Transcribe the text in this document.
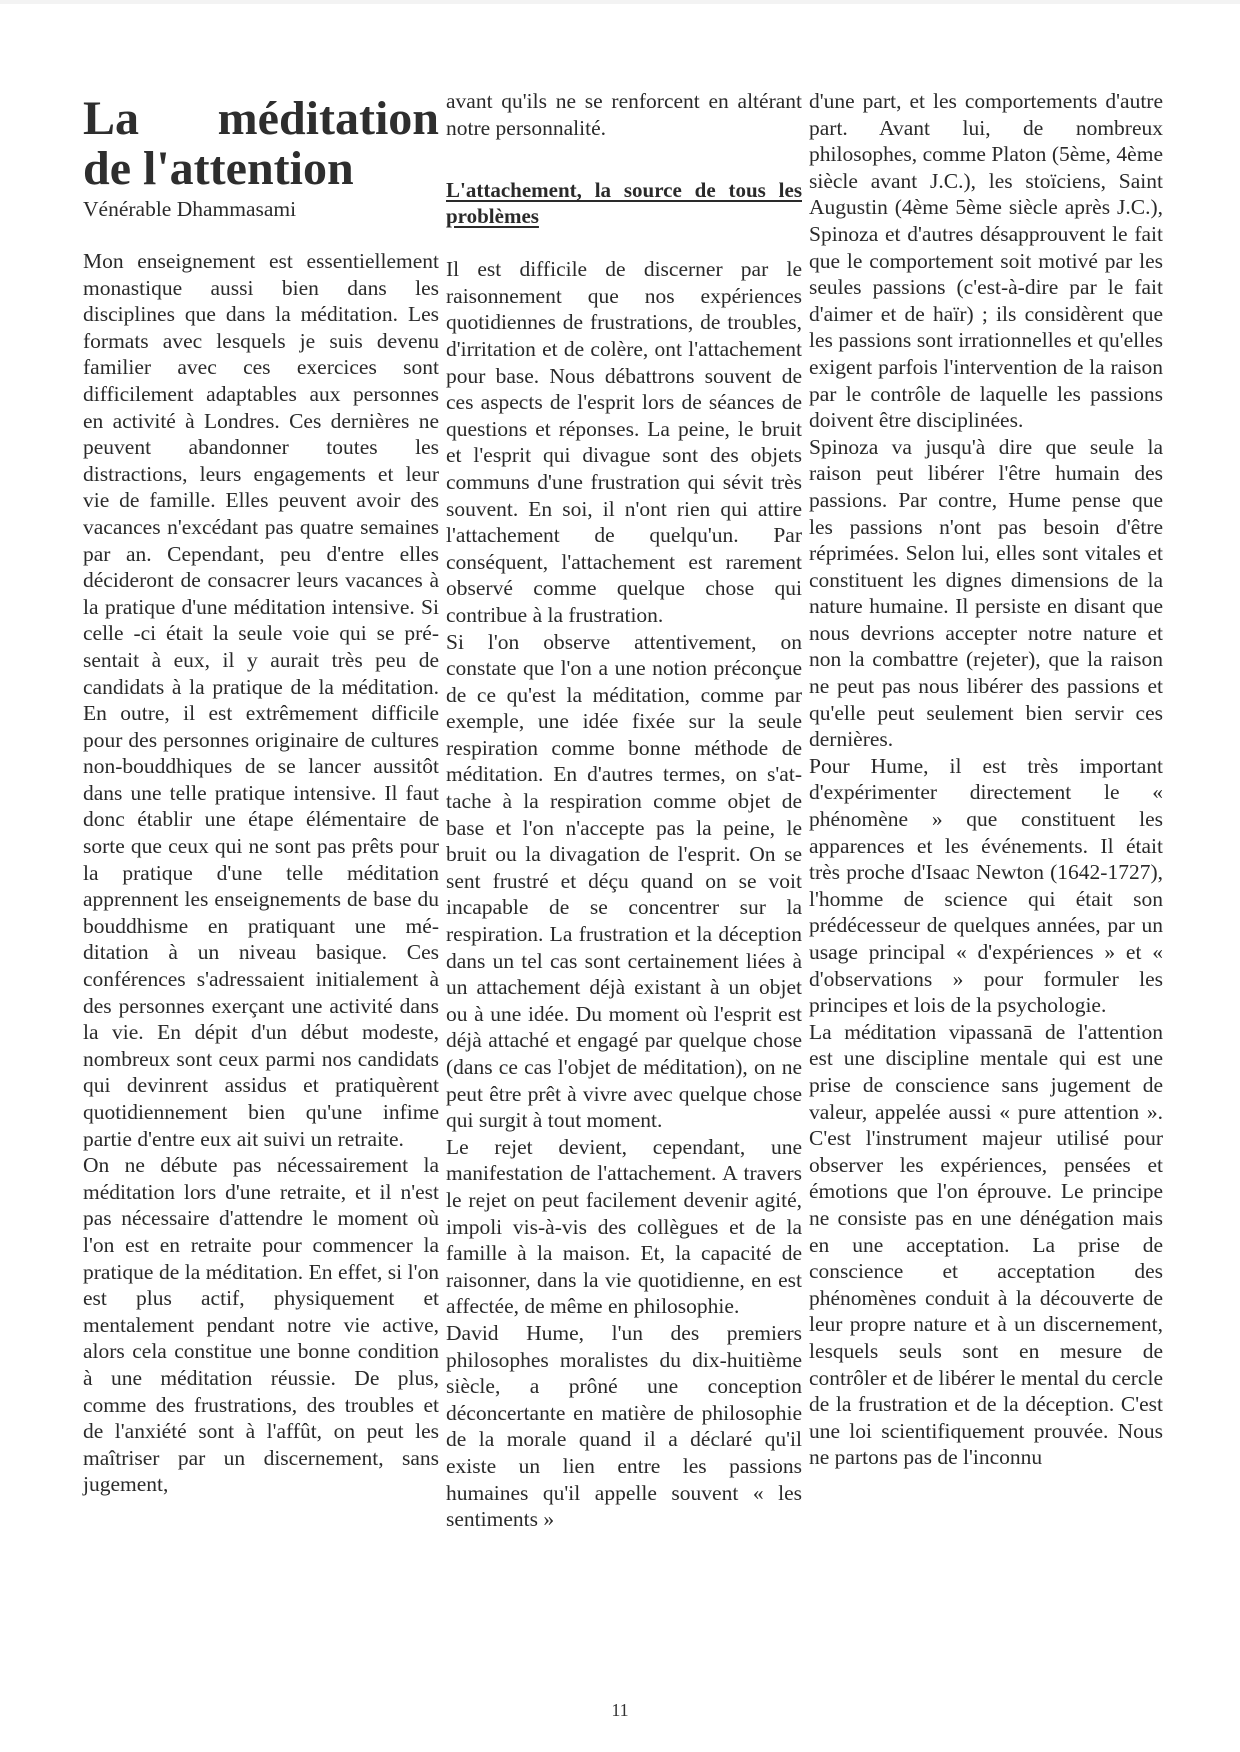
La méditation
de l'attention
Vénérable Dhammasami

Mon enseignement est essentiellement monastique aussi bien dans les disciplines que dans la méditation. Les formats avec lesquels je suis devenu familier avec ces exercices sont difficilement adaptables aux personnes en activité à Londres. Ces dernières ne peuvent abandonner toutes les distractions, leurs engagements et leur vie de famille. Elles peuvent avoir des vacances n'excédant pas quatre semaines par an. Cependant, peu d'entre elles décideront de consacrer leurs vacances à la pratique d'une méditation intensive. Si celle -ci était la seule voie qui se présentait à eux, il y aurait très peu de candidats à la pratique de la méditation. En outre, il est extrêmement difficile pour des personnes originaire de cultures non-bouddhiques de se lancer aussitôt dans une telle pratique intensive. Il faut donc établir une étape élémentaire de sorte que ceux qui ne sont pas prêts pour la pratique d'une telle méditation apprennent les enseignements de base du bouddhisme en pratiquant une méditation à un niveau basique. Ces conférences s'adressaient initialement à des personnes exerçant une activité dans la vie. En dépit d'un début modeste, nombreux sont ceux parmi nos candidats qui devinrent assidus et pratiquèrent quotidiennement bien qu'une infime partie d'entre eux ait suivi un retraite.

On ne débute pas nécessairement la méditation lors d'une retraite, et il n'est pas nécessaire d'attendre le moment où l'on est en retraite pour commencer la pratique de la méditation. En effet, si l'on est plus actif, physiquement et mentalement pendant notre vie active, alors cela constitue une bonne condition à une méditation réussie. De plus, comme des frustrations, des troubles et de l'anxiété sont à l'affût, on peut les maîtriser par un discernement, sans jugement,

avant qu'ils ne se renforcent en altérant notre personnalité.

L'attachement, la source de tous les problèmes

Il est difficile de discerner par le raisonnement que nos expériences quotidiennes de frustrations, de troubles, d'irritation et de colère, ont l'attachement pour base. Nous débattrons souvent de ces aspects de l'esprit lors de séances de questions et réponses. La peine, le bruit et l'esprit qui divague sont des objets communs d'une frustration qui sévit très souvent. En soi, il n'ont rien qui attire l'attachement de quelqu'un. Par conséquent, l'attachement est rarement observé comme quelque chose qui contribue à la frustration.

Si l'on observe attentivement, on constate que l'on a une notion préconçue de ce qu'est la méditation, comme par exemple, une idée fixée sur la seule respiration comme bonne méthode de méditation. En d'autres termes, on s'attache à la respiration comme objet de base et l'on n'accepte pas la peine, le bruit ou la divagation de l'esprit. On se sent frustré et déçu quand on se voit incapable de se concentrer sur la respiration. La frustration et la déception dans un tel cas sont certainement liées à un attachement déjà existant à un objet ou à une idée. Du moment où l'esprit est déjà attaché et engagé par quelque chose (dans ce cas l'objet de méditation), on ne peut être prêt à vivre avec quelque chose qui surgit à tout moment.

Le rejet devient, cependant, une manifestation de l'attachement. A travers le rejet on peut facilement devenir agité, impoli vis-à-vis des collègues et de la famille à la maison. Et, la capacité de raisonner, dans la vie quotidienne, en est affectée, de même en philosophie.

David Hume, l'un des premiers philosophes moralistes du dix-huitième siècle, a prôné une conception déconcertante en matière de philosophie de la morale quand il a déclaré qu'il existe un lien entre les passions humaines qu'il appelle souvent « les sentiments »

d'une part, et les comportements d'autre part. Avant lui, de nombreux philosophes, comme Platon (5ème, 4ème siècle avant J.C.), les stoïciens, Saint Augustin (4ème 5ème siècle après J.C.), Spinoza et d'autres désapprouvent le fait que le comportement soit motivé par les seules passions (c'est-à-dire par le fait d'aimer et de haïr) ; ils considèrent que les passions sont irrationnelles et qu'elles exigent parfois l'intervention de la raison par le contrôle de laquelle les passions doivent être disciplinées.

Spinoza va jusqu'à dire que seule la raison peut libérer l'être humain des passions. Par contre, Hume pense que les passions n'ont pas besoin d'être réprimées. Selon lui, elles sont vitales et constituent les dignes dimensions de la nature humaine. Il persiste en disant que nous devrions accepter notre nature et non la combattre (rejeter), que la raison ne peut pas nous libérer des passions et qu'elle peut seulement bien servir ces dernières.

Pour Hume, il est très important d'expérimenter directement le « phénomène » que constituent les apparences et les événements. Il était très proche d'Isaac Newton (1642-1727), l'homme de science qui était son prédécesseur de quelques années, par un usage principal « d'expériences » et « d'observations » pour formuler les principes et lois de la psychologie.

La méditation vipassanā de l'attention est une discipline mentale qui est une prise de conscience sans jugement de valeur, appelée aussi « pure attention ». C'est l'instrument majeur utilisé pour observer les expériences, pensées et émotions que l'on éprouve. Le principe ne consiste pas en une dénégation mais en une acceptation. La prise de conscience et acceptation des phénomènes conduit à la découverte de leur propre nature et à un discernement, lesquels seuls sont en mesure de contrôler et de libérer le mental du cercle de la frustration et de la déception. C'est une loi scientifiquement prouvée. Nous ne partons pas de l'inconnu

11
